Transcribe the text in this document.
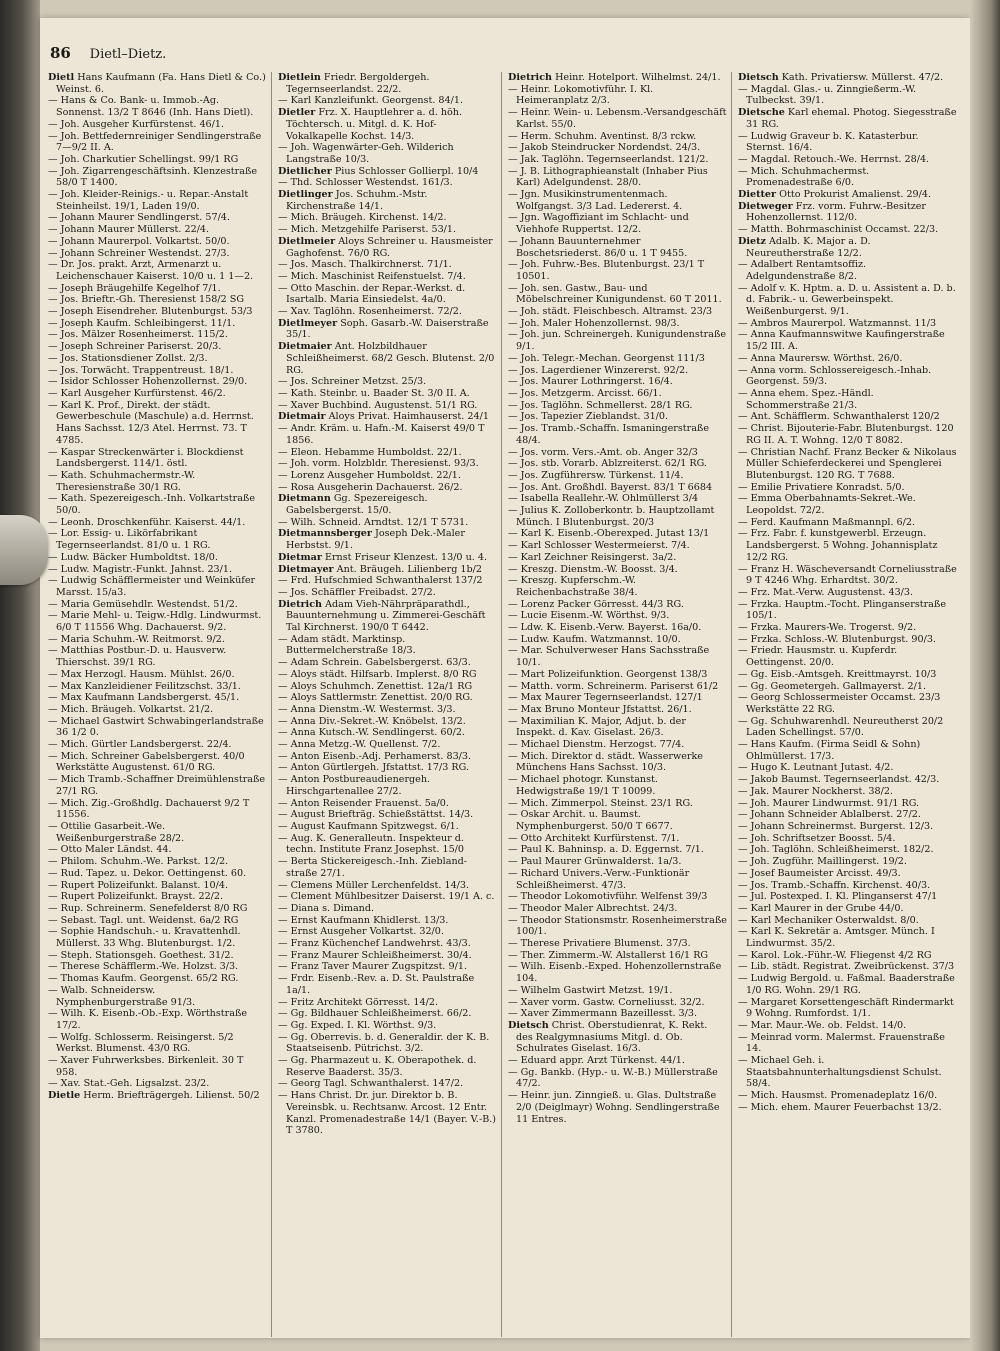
86 Dietl–Dietz.
Dietl Hans Kaufmann (Fa. Hans Dietl & Co.) Weinst. 6.
— Hans & Co. Bank- u. Immob.-Ag. Sonnenst. 13/2 T 8646 (Inh. Hans Dietl).
— Joh. Ausgeher Kurfürstenst. 46/1.
— Joh. Bettfedernreiniger Sendlingerstraße 7—9/2 II. A.
— Joh. Charkutier Schellingst. 99/1 RG
— Joh. Zigarrengeschäftsinh. Klenzestraße 58/0 T 1400.
— Joh. Kleider-Reinigs.- u. Repar.-Anstalt Steinheilst. 19/1, Laden 19/0.
— Johann Maurer Sendlingerst. 57/4.
— Johann Maurer Müllerst. 22/4.
— Johann Maurerpol. Volkartst. 50/0.
— Johann Schreiner Westendst. 27/3.
— Dr. Jos. prakt. Arzt, Armenarzt u. Leichenschauer Kaiserst. 10/0 u. 1 1—2.
— Joseph Bräugehilfe Kegelhof 7/1.
— Jos. Brieftr.-Gh. Theresienst 158/2 SG
— Joseph Eisendreher. Blutenburgst. 53/3
— Joseph Kaufm. Schleibingerst. 11/1.
— Jos. Mälzer Rosenheimerst. 115/2.
— Joseph Schreiner Pariserst. 20/3.
— Jos. Stationsdiener Zollst. 2/3.
— Jos. Torwächt. Trappentreust. 18/1.
— Isidor Schlosser Hohenzollernst. 29/0.
— Karl Ausgeher Kurfürstenst. 46/2.
— Karl K. Prof., Direkt. der städt. Gewerbeschule (Maschule) a.d. Herrnst. Hans Sachsst. 12/3 Atel. Herrnst. 73. T 4785.
— Kaspar Streckenwärter i. Blockdienst Landsbergerst. 114/1. östl.
— Kath. Schuhmachermstr.-W. Theresienstraße 30/1 RG.
— Kath. Spezereigesch.-Inh. Volkartstraße 50/0.
— Leonh. Droschkenführ. Kaiserst. 44/1.
— Lor. Essig- u. Likörfabrikant Tegernseerlandst. 81/0 u. 1 RG.
— Ludw. Bäcker Humboldtst. 18/0.
— Ludw. Magistr.-Funkt. Jahnst. 23/1.
— Ludwig Schäfflermeister und Weinküfer Marsst. 15/a3.
— Maria Gemüsehdlr. Westendst. 51/2.
— Marie Mehl- u. Teigw.-Hdlg. Lindwurmst. 6/0 T 11556 Whg. Dachauerst. 9/2.
— Maria Schuhm.-W. Reitmorst. 9/2.
— Matthias Postbur.-D. u. Hausverw. Thierschst. 39/1 RG.
— Max Herzogl. Hausm. Mühlst. 26/0.
— Max Kanzleidiener Feilitzschst. 33/1.
— Max Kaufmann Landsbergerst. 45/1.
— Mich. Bräugeh. Volkartst. 21/2.
— Michael Gastwirt Schwabingerlandstraße 36 1/2 0.
— Mich. Gürtler Landsbergerst. 22/4.
— Mich. Schreiner Gabelsbergerst. 40/0 Werkstätte Augustenst. 61/0 RG.
— Mich Tramb.-Schaffner Dreimühlenstraße 27/1 RG.
— Mich. Zig.-Großhdlg. Dachauerst 9/2 T 11556.
— Ottilie Gasarbeit.-We. Weißenburgerstraße 28/2.
— Otto Maler Ländst. 44.
— Philom. Schuhm.-We. Parkst. 12/2.
— Rud. Tapez. u. Dekor. Oettingenst. 60.
— Rupert Polizeifunkt. Balanst. 10/4.
— Rupert Polizeifunkt. Brayst. 22/2.
— Rup. Schreinerm. Senefelderst 8/0 RG
— Sebast. Tagl. unt. Weidenst. 6a/2 RG
— Sophie Handschuh.- u. Kravattenhdl. Müllerst. 33 Whg. Blutenburgst. 1/2.
— Steph. Stationsgeh. Goethest. 31/2.
— Therese Schäfflerm.-We. Holzst. 3/3.
— Thomas Kaufm. Georgenst. 65/2 RG.
— Walb. Schneidersw. Nymphenburgerstraße 91/3.
— Wilh. K. Eisenb.-Ob.-Exp. Wörthstraße 17/2.
— Wolfg. Schlosserm. Reisingerst. 5/2 Werkst. Blumenst. 43/0 RG.
— Xaver Fuhrwerksbes. Birkenleit. 30 T 958.
— Xav. Stat.-Geh. Ligsalzst. 23/2.
Dietle Herm. Briefträgergeh. Lilienst. 50/2
Dietlein Friedr. Bergoldergeh. Tegernseerlandst. 22/2.
— Karl Kanzleifunkt. Georgenst. 84/1.
Dietler Frz. X. Hauptlehrer a. d. höh. Töchtersch. u. Mitgl. d. K. Hof-Vokalkapelle Kochst. 14/3.
— Joh. Wagenwärter-Geh. Wilderich Langstraße 10/3.
Dietlicher Pius Schlosser Gollierpl. 10/4
— Thd. Schlosser Westendst. 161/3.
Dietlinger Jos. Schuhm.-Mstr. Kirchenstraße 14/1.
— Mich. Bräugeh. Kirchenst. 14/2.
— Mich. Metzgehilfe Pariserst. 53/1.
Dietlmeier Aloys Schreiner u. Hausmeister Gaghofenst. 76/0 RG.
— Jos. Masch. Thalkirchnerst. 71/1.
— Mich. Maschinist Reifenstuelst. 7/4.
— Otto Maschin. der Repar.-Werkst. d. Isartalb. Maria Einsiedelst. 4a/0.
— Xav. Taglöhn. Rosenheimerst. 72/2.
Dietlmeyer Soph. Gasarb.-W. Daiserstraße 35/1.
Dietmaier Ant. Holzbildhauer Schleißheimerst. 68/2 Gesch. Blutenst. 2/0 RG.
— Jos. Schreiner Metzst. 25/3.
— Kath. Steinbr. u. Baader St. 3/0 II. A.
— Xaver Buchbind. Augustenst. 51/1 RG.
Dietmair Aloys Privat. Haimhauserst. 24/1
— Andr. Kräm. u. Hafn.-M. Kaiserst 49/0 T 1856.
— Eleon. Hebamme Humboldst. 22/1.
— Joh. vorm. Holzbldr. Theresienst. 93/3.
— Lorenz Ausgeher Humboldst. 22/1.
— Rosa Ausgeherin Dachauerst. 26/2.
Dietmann Gg. Spezereigesch. Gabelsbergerst. 15/0.
— Wilh. Schneid. Arndtst. 12/1 T 5731.
Dietmannsberger Joseph Dek.-Maler Herbstst. 9/1.
Dietmar Ernst Friseur Klenzest. 13/0 u. 4.
Dietmayer Ant. Bräugeh. Lilienberg 1b/2
— Frd. Hufschmied Schwanthalerst 137/2
— Jos. Schäffler Freibadst. 27/2.
Dietrich Adam Vieh-Nährpräparathdl., Bauunternehmung u. Zimmerei-Geschäft Tal Kirchnerst. 190/0 T 6442.
— Adam städt. Marktinsp. Buttermelcherstraße 18/3.
— Adam Schrein. Gabelsbergerst. 63/3.
— Aloys städt. Hilfsarb. Implerst. 8/0 RG
— Aloys Schuhmch. Zenettist. 12a/1 RG
— Aloys Sattlermstr. Zenettist. 20/0 RG.
— Anna Dienstm.-W. Westermst. 3/3.
— Anna Div.-Sekret.-W. Knöbelst. 13/2.
— Anna Kutsch.-W. Sendlingerst. 60/2.
— Anna Metzg.-W. Quellenst. 7/2.
— Anton Eisenb.-Adj. Perhamerst. 83/3.
— Anton Gürtlergeh. Jfstattst. 17/3 RG.
— Anton Postbureaudienergeh. Hirschgartenallee 27/2.
— Anton Reisender Frauenst. 5a/0.
— August Briefträg. Schießstättst. 14/3.
— August Kaufmann Spitzwegst. 6/1.
— Aug. K. Generalleutn. Inspekteur d. techn. Institute Franz Josephst. 15/0
— Berta Stickereigesch.-Inh. Ziebland-straße 27/1.
— Clemens Müller Lerchenfeldst. 14/3.
— Clement Mühlbesitzer Daiserst. 19/1 A. c.
— Diana s. Dimand.
— Ernst Kaufmann Khidlerst. 13/3.
— Ernst Ausgeher Volkartst. 32/0.
— Franz Küchenchef Landwehrst. 43/3.
— Franz Maurer Schleißheimerst. 30/4.
— Franz Taver Maurer Zugspitzst. 9/1.
— Frdr. Eisenb.-Rev. a. D. St. Paulstraße 1a/1.
— Fritz Architekt Görresst. 14/2.
— Gg. Bildhauer Schleißheimerst. 66/2.
— Gg. Exped. I. Kl. Wörthst. 9/3.
— Gg. Oberrevis. b. d. Generaldir. der K. B. Staatseisenb. Pütrichst. 3/2.
— Gg. Pharmazeut u. K. Oberapothek. d. Reserve Baaderst. 35/3.
— Georg Tagl. Schwanthalerst. 147/2.
— Hans Christ. Dr. jur. Direktor b. B. Vereinsbk. u. Rechtsanw. Arcost. 12 Entr. Kanzl. Promenadestraße 14/1 (Bayer. V.-B.) T 3780.
Dietrich Heinr. Hotelport. Wilhelmst. 24/1.
— Heinr. Lokomotivführ. I. Kl. Heimeranplatz 2/3.
— Heinr. Wein- u. Lebensm.-Versandgeschäft Karlst. 55/0.
— Herm. Schuhm. Aventinst. 8/3 rckw.
— Jakob Steindrucker Nordendst. 24/3.
— Jak. Taglöhn. Tegernseerlandst. 121/2.
— J. B. Lithographieanstalt (Inhaber Pius Karl) Adelgundenst. 28/0.
— Jgn. Musikinstrumentenmach. Wolfgangst. 3/3 Lad. Ledererst. 4.
— Jgn. Wagoffiziant im Schlacht- und Viehhofe Ruppertst. 12/2.
— Johann Bauunternehmer Boschetsriederst. 86/0 u. 1 T 9455.
— Joh. Fuhrw.-Bes. Blutenburgst. 23/1 T 10501.
— Joh. sen. Gastw., Bau- und Möbelschreiner Kunigundenst. 60 T 2011.
— Joh. städt. Fleischbesch. Altramst. 23/3
— Joh. Maler Hohenzollernst. 98/3.
— Joh. jun. Schreinergeh. Kunigundenstraße 9/1.
— Joh. Telegr.-Mechan. Georgenst 111/3
— Jos. Lagerdiener Winzererst. 92/2.
— Jos. Maurer Lothringerst. 16/4.
— Jos. Metzgerm. Arcisst. 66/1.
— Jos. Taglöhn. Schmellerst. 28/1 RG.
— Jos. Tapezier Zieblandst. 31/0.
— Jos. Tramb.-Schaffn. Ismaningerstraße 48/4.
— Jos. vorm. Vers.-Amt. ob. Anger 32/3
— Jos. stb. Vorarb. Ablzreiterst. 62/1 RG.
— Jos. Zugführersw. Türkenst. 11/4.
— Jos. Ant. Großhdl. Bayerst. 83/1 T 6684
— Isabella Reallehr.-W. Ohlmüllerst 3/4
— Julius K. Zolloberkontr. b. Hauptzollamt Münch. I Blutenburgst. 20/3
— Karl K. Eisenb.-Oberexped. Jutast 13/1
— Karl Schlosser Westermeierst. 7/4.
— Karl Zeichner Reisingerst. 3a/2.
— Kreszg. Dienstm.-W. Boosst. 3/4.
— Kreszg. Kupferschm.-W. Reichenbachstraße 38/4.
— Lorenz Packer Görresst. 44/3 RG.
— Lucie Eisenm.-W. Wörthst. 9/3.
— Ldw. K. Eisenb.-Verw. Bayerst. 16a/0.
— Ludw. Kaufm. Watzmannst. 10/0.
— Mar. Schulverweser Hans Sachsstraße 10/1.
— Mart Polizeifunktion. Georgenst 138/3
— Matth. vorm. Schreinerm. Pariserst 61/2
— Max Maurer Tegernseerlandst. 127/1
— Max Bruno Monteur Jfstattst. 26/1.
— Maximilian K. Major, Adjut. b. der Inspekt. d. Kav. Giselast. 26/3.
— Michael Dienstm. Herzogst. 77/4.
— Mich. Direktor d. städt. Wasserwerke Münchens Hans Sachsst. 10/3.
— Michael photogr. Kunstanst. Hedwigstraße 19/1 T 10099.
— Mich. Zimmerpol. Steinst. 23/1 RG.
— Oskar Archit. u. Baumst. Nymphenburgerst. 50/0 T 6677.
— Otto Architekt Kurfürstenst. 7/1.
— Paul K. Bahninsp. a. D. Eggernst. 7/1.
— Paul Maurer Grünwalderst. 1a/3.
— Richard Univers.-Verw.-Funktionär Schleißheimerst. 47/3.
— Theodor Lokomotivführ. Welfenst 39/3
— Theodor Maler Albrechtst. 24/3.
— Theodor Stationsmstr. Rosenheimerstraße 100/1.
— Therese Privatiere Blumenst. 37/3.
— Ther. Zimmerm.-W. Alstallerst 16/1 RG
— Wilh. Eisenb.-Exped. Hohenzollernstraße 104.
— Wilhelm Gastwirt Metzst. 19/1.
— Xaver vorm. Gastw. Corneliusst. 32/2.
— Xaver Zimmermann Bazeillesst. 3/3.
Dietsch Christ. Oberstudienrat, K. Rekt. des Realgymnasiums Mitgl. d. Ob. Schulrates Giselast. 16/3.
— Eduard appr. Arzt Türkenst. 44/1.
— Gg. Bankb. (Hyp.- u. W.-B.) Müllerstraße 47/2.
— Heinr. jun. Zinngieß. u. Glas. Dultstraße 2/0 (Deiglmayr) Wohng. Sendlingerstraße 11 Entres.
Dietsch Kath. Privatiersw. Müllerst. 47/2.
— Magdal. Glas.- u. Zinngießerm.-W. Tulbeckst. 39/1.
Dietsche Karl ehemal. Photog. Siegesstraße 31 RG.
— Ludwig Graveur b. K. Katasterbur. Sternst. 16/4.
— Magdal. Retouch.-We. Herrnst. 28/4.
— Mich. Schuhmachermst. Promenadestraße 6/0.
Dietter Otto Prokurist Amalienst. 29/4.
Dietweger Frz. vorm. Fuhrw.-Besitzer Hohenzollernst. 112/0.
— Matth. Bohrmaschinist Occamst. 22/3.
Dietz Adalb. K. Major a. D. Neureutherstraße 12/2.
— Adalbert Rentamtsoffiz. Adelgundenstraße 8/2.
— Adolf v. K. Hptm. a. D. u. Assistent a. D. b. d. Fabrik.- u. Gewerbeinspekt. Weißenburgerst. 9/1.
— Ambros Maurerpol. Watzmannst. 11/3
— Anna Kaufmannswitwe Kaufingerstraße 15/2 III. A.
— Anna Maurersw. Wörthst. 26/0.
— Anna vorm. Schlossereigesch.-Inhab. Georgenst. 59/3.
— Anna ehem. Spez.-Händl. Schommerstraße 21/3.
— Ant. Schäfflerm. Schwanthalerst 120/2
— Christ. Bijouterie-Fabr. Blutenburgst. 120 RG II. A. T. Wohng. 12/0 T 8082.
— Christian Nachf. Franz Becker & Nikolaus Müller Schieferdeckerei und Spenglerei Blutenburgst. 120 RG. T 7688.
— Emilie Privatiere Konradst. 5/0.
— Emma Oberbahnamts-Sekret.-We. Leopoldst. 72/2.
— Ferd. Kaufmann Maßmannpl. 6/2.
— Frz. Fabr. f. kunstgewerbl. Erzeugn. Landsbergerst. 5 Wohng. Johannisplatz 12/2 RG.
— Franz H. Wäscheversandt Corneliusstraße 9 T 4246 Whg. Erhardtst. 30/2.
— Frz. Mat.-Verw. Augustenst. 43/3.
— Frzka. Hauptm.-Tocht. Plinganserstraße 105/1.
— Frzka. Maurers-We. Trogerst. 9/2.
— Frzka. Schloss.-W. Blutenburgst. 90/3.
— Friedr. Hausmstr. u. Kupferdr. Oettingenst. 20/0.
— Gg. Eisb.-Amtsgeh. Kreittmayrst. 10/3
— Gg. Geometergeh. Gallmayerst. 2/1.
— Georg Schlossermeister Occamst. 23/3 Werkstätte 22 RG.
— Gg. Schuhwarenhdl. Neureutherst 20/2 Laden Schellingst. 57/0.
— Hans Kaufm. (Firma Seidl & Sohn) Ohlmüllerst. 17/3.
— Hugo K. Leutnant Jutast. 4/2.
— Jakob Baumst. Tegernseerlandst. 42/3.
— Jak. Maurer Nockherst. 38/2.
— Joh. Maurer Lindwurmst. 91/1 RG.
— Johann Schneider Ablalberst. 27/2.
— Johann Schreinermst. Burgerst. 12/3.
— Joh. Schriftsetzer Boosst. 5/4.
— Joh. Taglöhn. Schleißheimerst. 182/2.
— Joh. Zugführ. Maillingerst. 19/2.
— Josef Baumeister Arcisst. 49/3.
— Jos. Tramb.-Schaffn. Kirchenst. 40/3.
— Jul. Postexped. I. Kl. Plinganserst 47/1
— Karl Maurer in der Grube 44/0.
— Karl Mechaniker Osterwaldst. 8/0.
— Karl K. Sekretär a. Amtsger. Münch. I Lindwurmst. 35/2.
— Karol. Lok.-Führ.-W. Fliegenst 4/2 RG
— Lib. städt. Registrat. Zweibrückenst. 37/3
— Ludwig Bergold. u. Faßmal. Baaderstraße 1/0 RG. Wohn. 29/1 RG.
— Margaret Korsettengeschäft Rindermarkt 9 Wohng. Rumfordst. 1/1.
— Mar. Maur.-We. ob. Feldst. 14/0.
— Meinrad vorm. Malermst. Frauenstraße 14.
— Michael Geh. i. Staatsbahnunterhaltungsdienst Schulst. 58/4.
— Mich. Hausmst. Promenadeplatz 16/0.
— Mich. ehem. Maurer Feuerbachst 13/2.
